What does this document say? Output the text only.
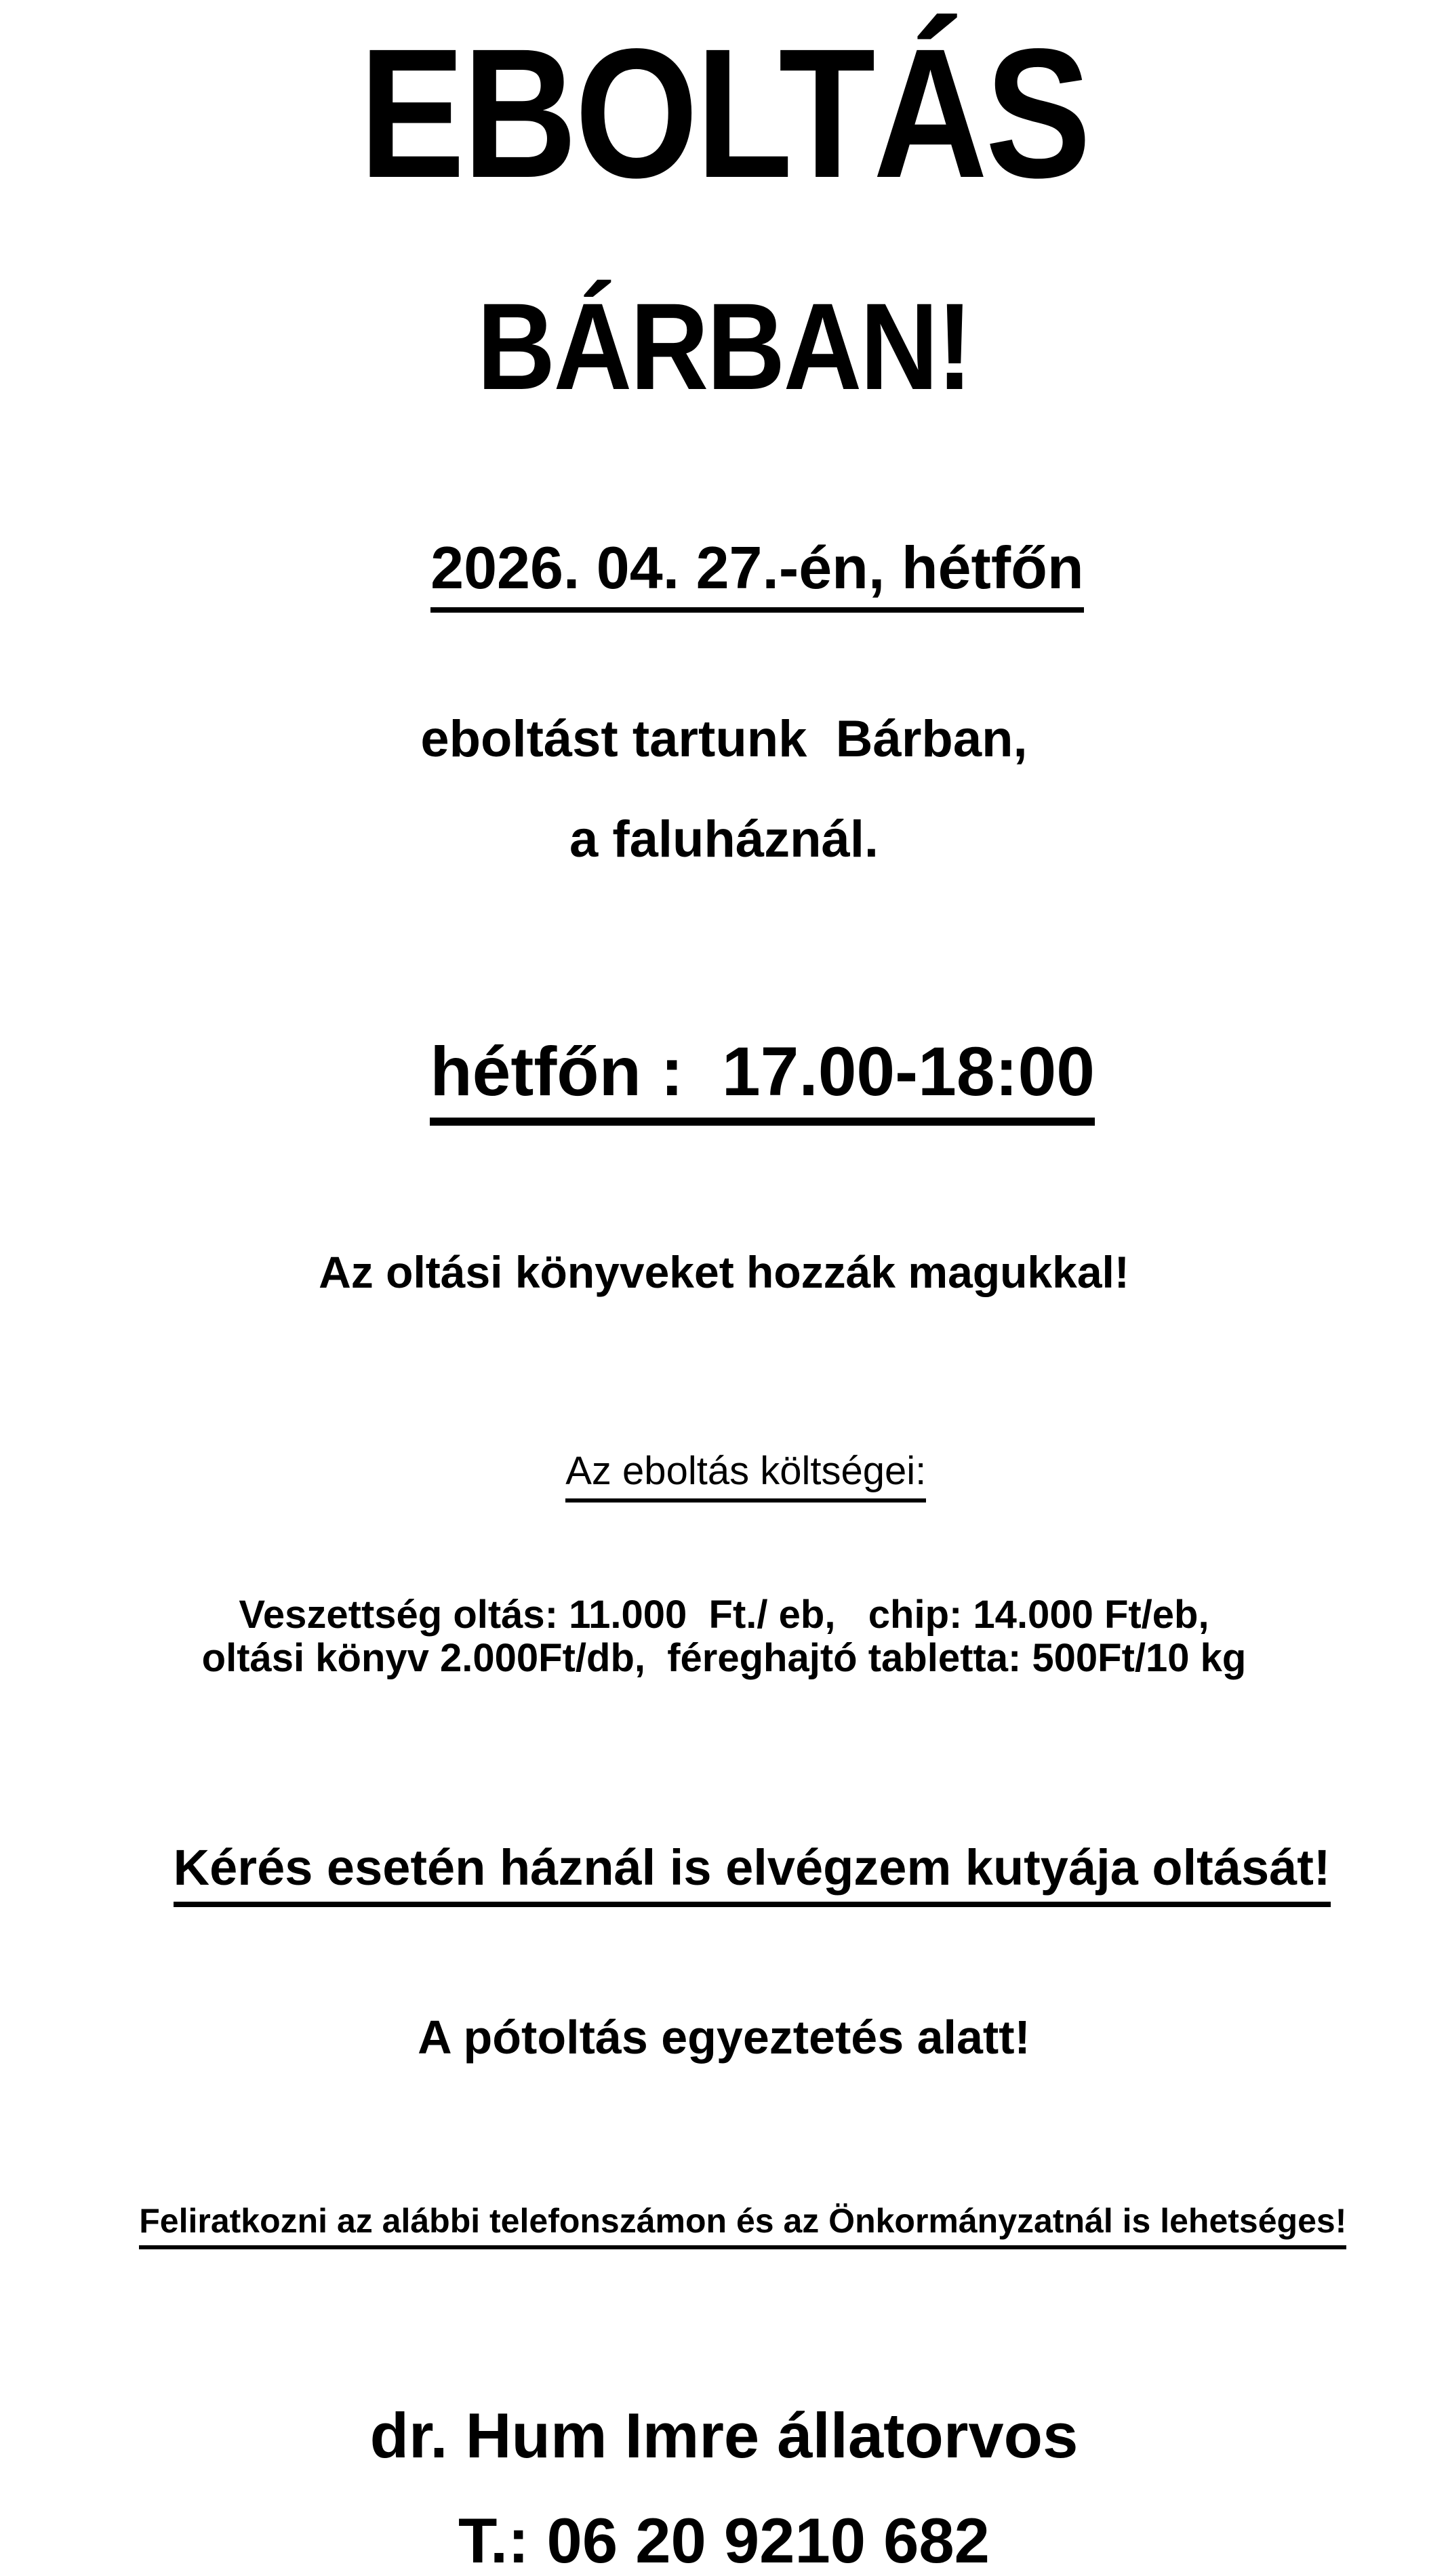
EBOLTÁS
BÁRBAN!

2026. 04. 27.-én, hétfőn

eboltást tartunk  Bárban,
a faluháznál.

hétfőn :  17.00-18:00

Az oltási könyveket hozzák magukkal!

Az eboltás költségei:

Veszettség oltás: 11.000  Ft./ eb,   chip: 14.000 Ft/eb,
oltási könyv 2.000Ft/db,  féreghajtó tabletta: 500Ft/10 kg

Kérés esetén háznál is elvégzem kutyája oltását!

A pótoltás egyeztetés alatt!

Feliratkozni az alábbi telefonszámon és az Önkormányzatnál is lehetséges!

dr. Hum Imre állatorvos
T.: 06 20 9210 682
